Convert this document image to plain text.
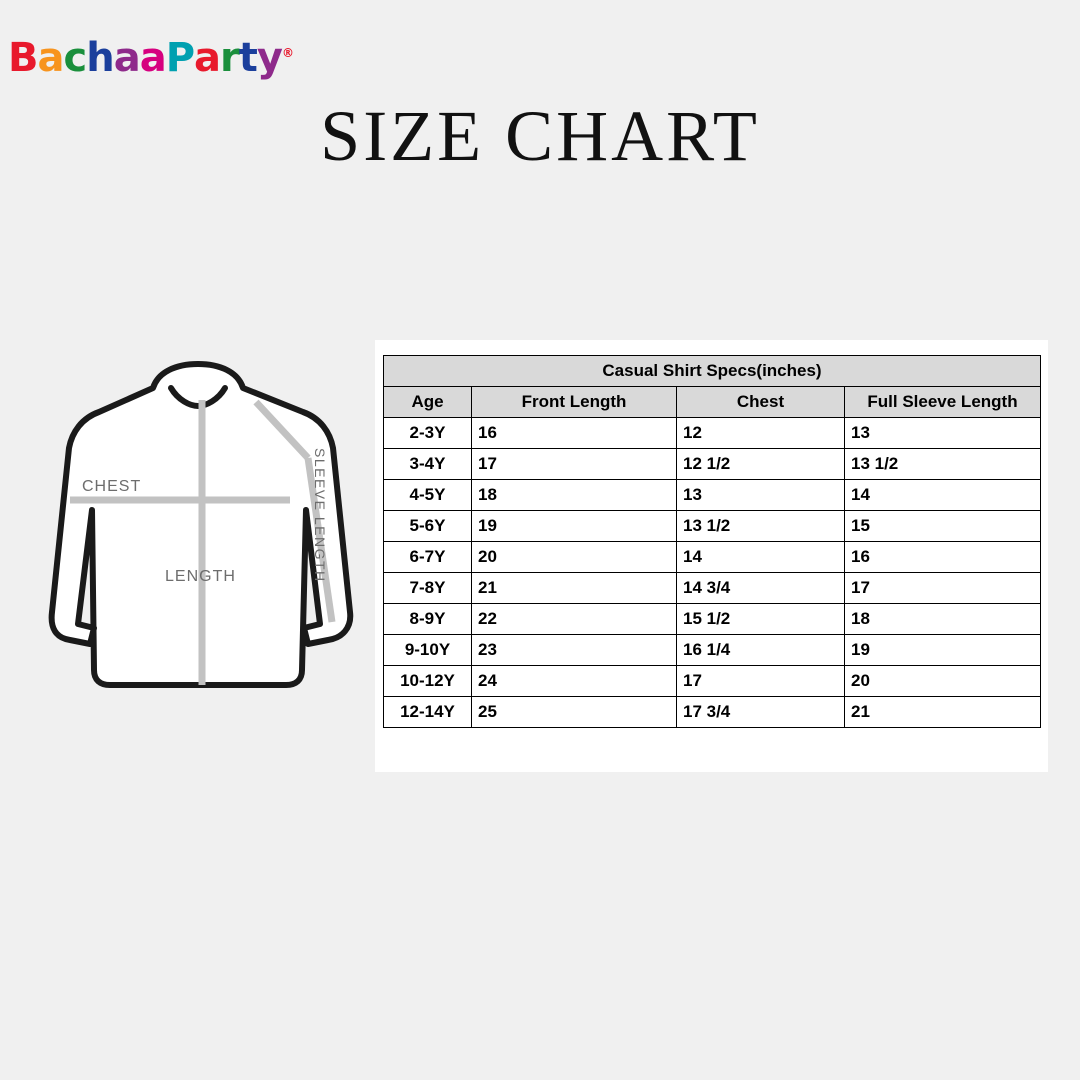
BachaaParty®
SIZE CHART
CHEST
LENGTH	SLEEVE LENGTH
Casual Shirt Specs(inches)			
Age	Front Length	Chest	Full Sleeve Length
2-3Y	16	12	13
3-4Y	17	12 1/2	13 1/2
4-5Y	18	13	14
5-6Y	19	13 1/2	15
6-7Y	20	14	16
7-8Y	21	14 3/4	17
8-9Y	22	15 1/2	18
9-10Y	23	16 1/4	19
10-12Y	24	17	20
12-14Y	25	17 3/4	21
